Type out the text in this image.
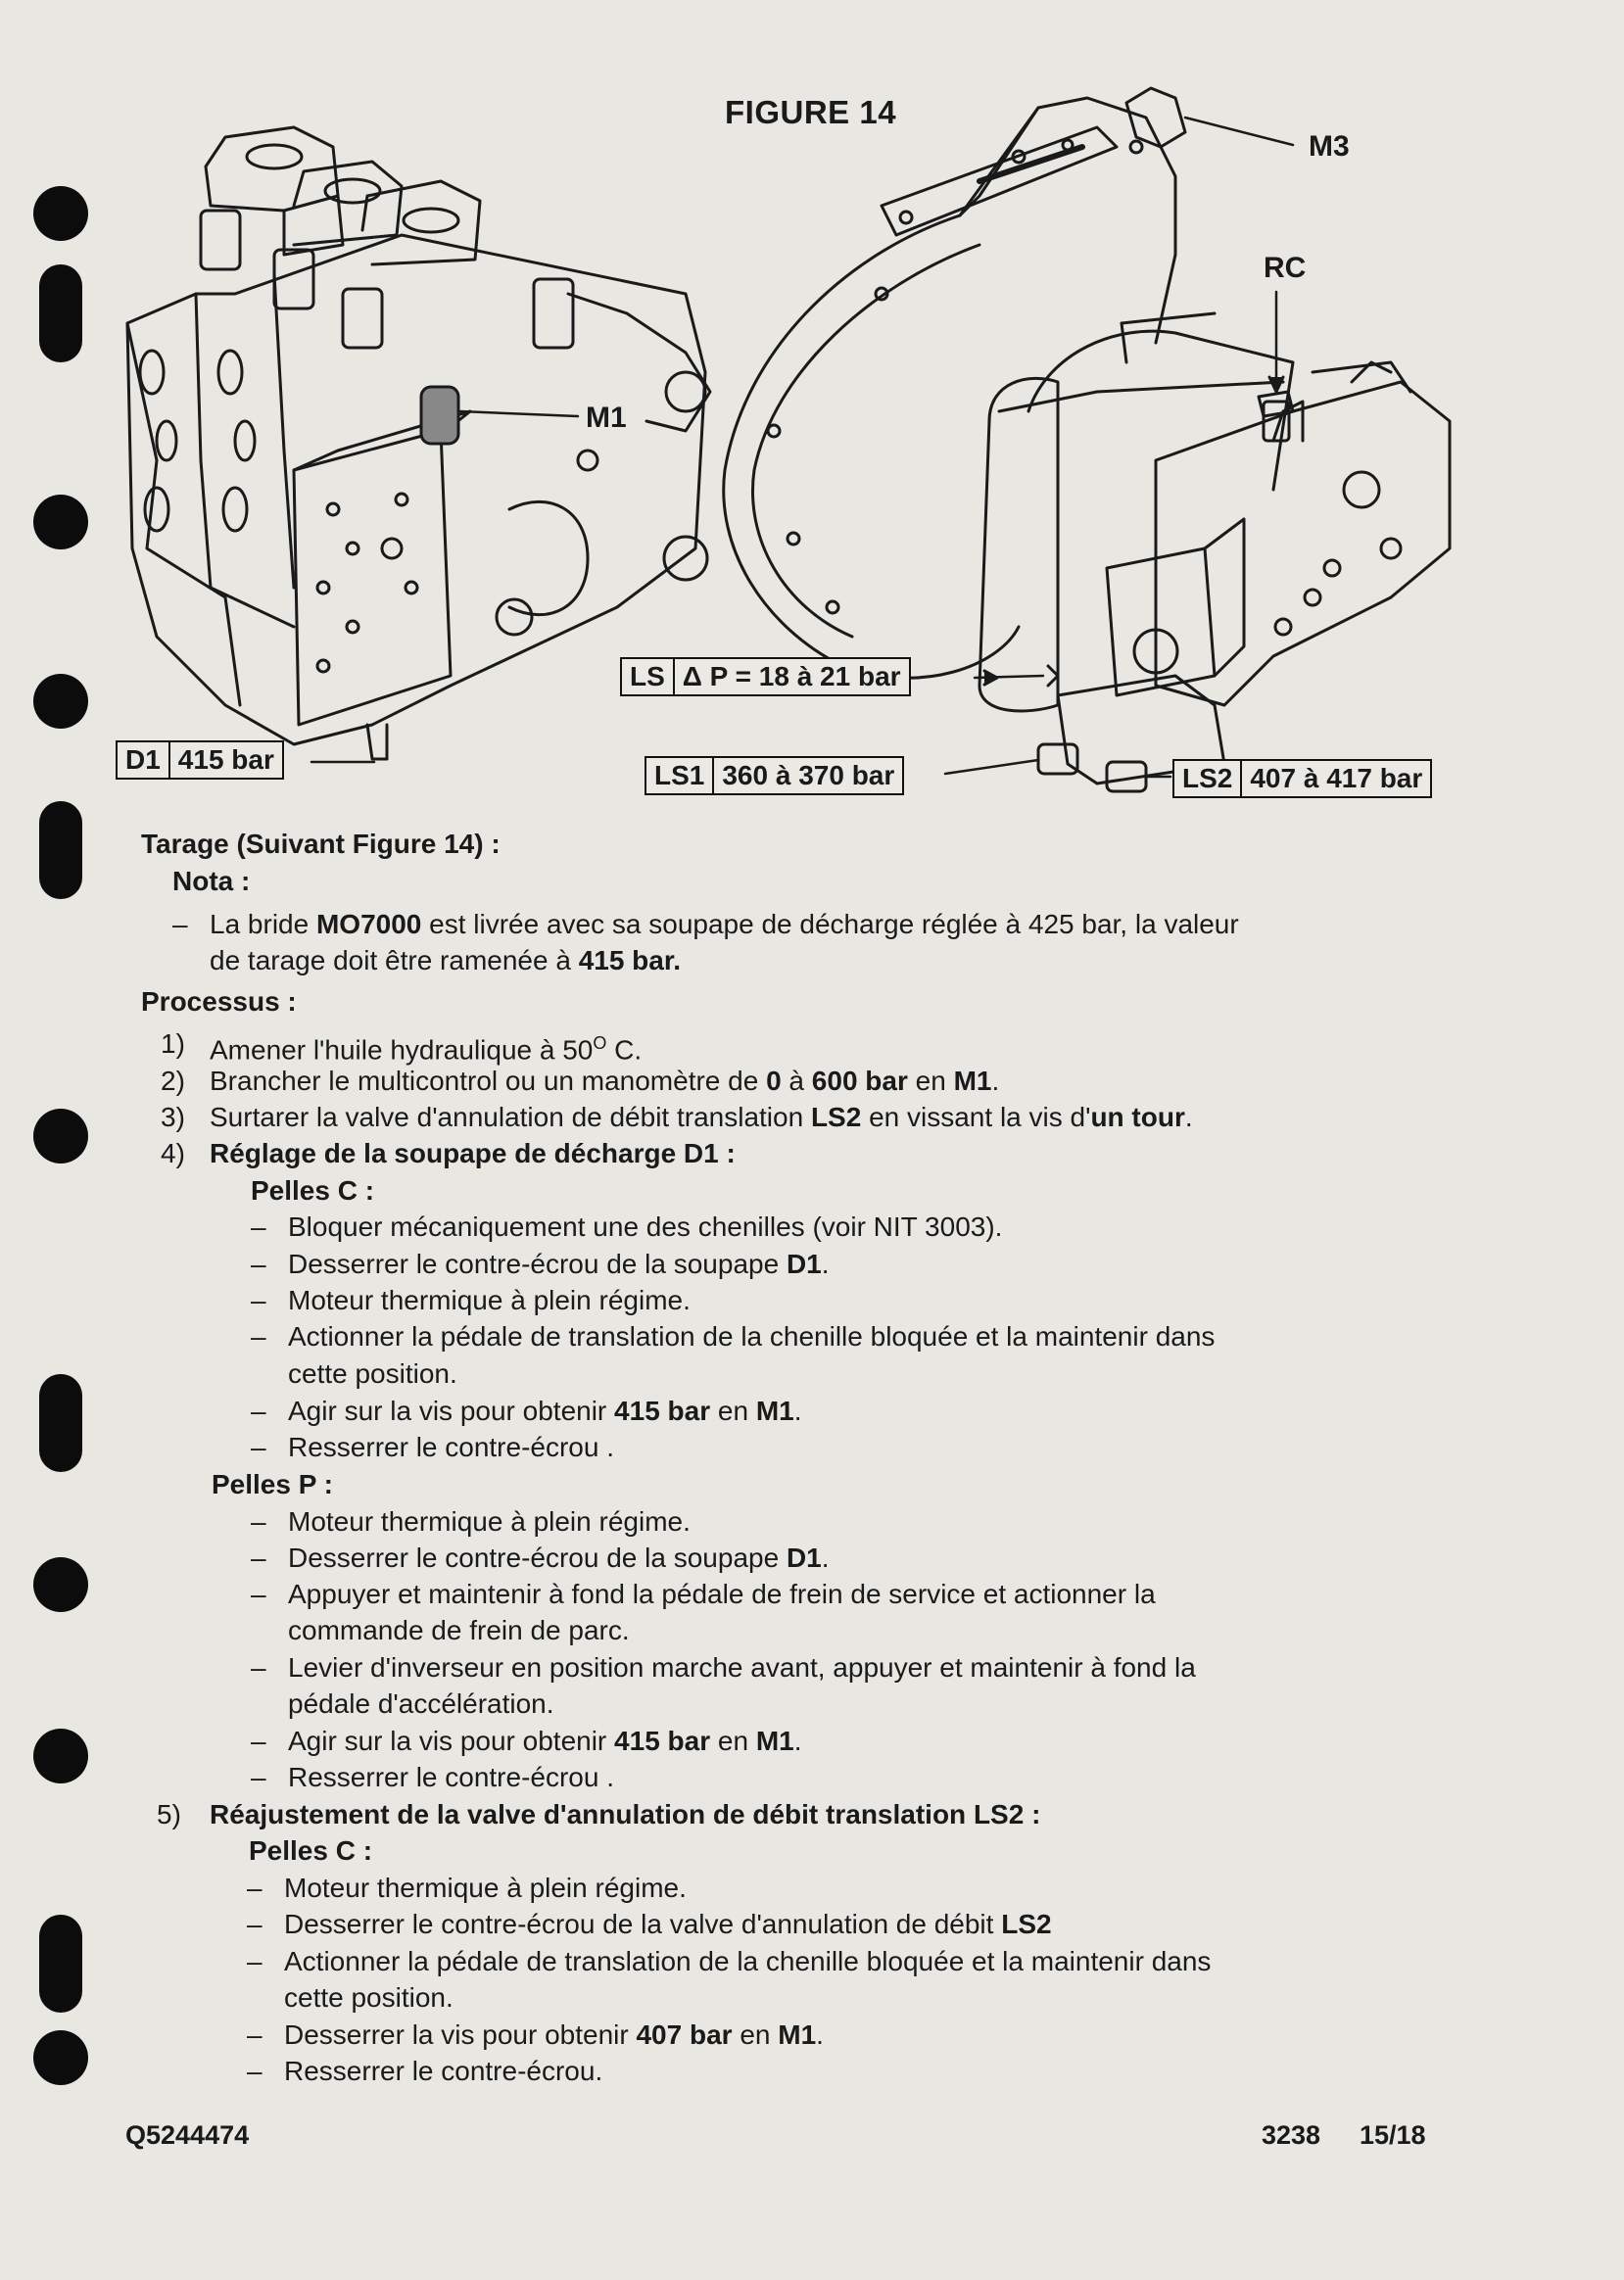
FIGURE 14
M1
M3
RC
D1 415 bar
LS Δ P = 18 à 21 bar
LS1 360 à 370 bar	LS2 407 à 417 bar
Tarage (Suivant Figure 14) :
Nota :
– La bride MO7000 est livrée avec sa soupape de décharge réglée à 425 bar, la valeur
de tarage doit être ramenée à 415 bar.
Processus :
1) Amener l'huile hydraulique à $50^O$ C.
2) Brancher le multicontrol ou un manomètre de 0 à 600 bar en M1.
3) Surtarer la valve d'annulation de débit translation LS2 en vissant la vis d'un tour.
4) Réglage de la soupape de décharge D1 :
Pelles C :
– Bloquer mécaniquement une des chenilles (voir NIT 3003).
– Desserrer le contre-écrou de la soupape D1.
– Moteur thermique à plein régime.
– Actionner la pédale de translation de la chenille bloquée et la maintenir dans
cette position.
– Agir sur la vis pour obtenir 415 bar en M1.
– Resserrer le contre-écrou .
Pelles P :
– Moteur thermique à plein régime.
– Desserrer le contre-écrou de la soupape D1.
– Appuyer et maintenir à fond la pédale de frein de service et actionner la
commande de frein de parc.
– Levier d'inverseur en position marche avant, appuyer et maintenir à fond la
pédale d'accélération.
– Agir sur la vis pour obtenir 415 bar en M1.
– Resserrer le contre-écrou .
5) Réajustement de la valve d'annulation de débit translation LS2 :
Pelles C :
– Moteur thermique à plein régime.
– Desserrer le contre-écrou de la valve d'annulation de débit LS2
– Actionner la pédale de translation de la chenille bloquée et la maintenir dans
cette position.
– Desserrer la vis pour obtenir 407 bar en M1.
– Resserrer le contre-écrou.
Q5244474	3238 15/18
